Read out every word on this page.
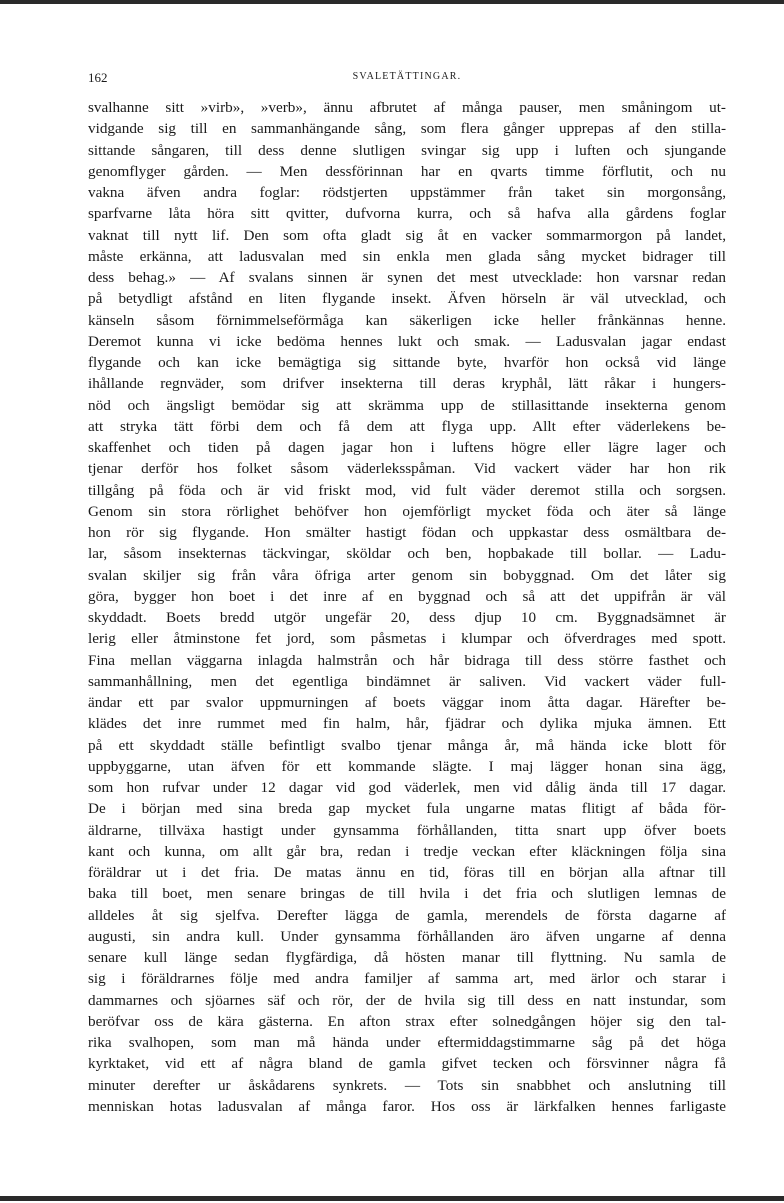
162	SVALETÄTTINGAR.
svalhanne sitt »virb», »verb», ännu afbrutet af många pauser, men småningom ut-
vidgande sig till en sammanhängande sång, som flera gånger upprepas af den stilla-
sittande sångaren, till dess denne slutligen svingar sig upp i luften och sjungande
genomflyger gården. — Men dessförinnan har en qvarts timme förflutit, och nu
vakna äfven andra foglar: rödstjerten uppstämmer från taket sin morgonsång,
sparfvarne låta höra sitt qvitter, dufvorna kurra, och så hafva alla gårdens foglar
vaknat till nytt lif. Den som ofta gladt sig åt en vacker sommarmorgon på landet,
måste erkänna, att ladusvalan med sin enkla men glada sång mycket bidrager till
dess behag.» — Af svalans sinnen är synen det mest utvecklade: hon varsnar redan
på betydligt afstånd en liten flygande insekt. Äfven hörseln är väl utvecklad, och
känseln såsom förnimmelseförmåga kan säkerligen icke heller frånkännas henne.
Deremot kunna vi icke bedöma hennes lukt och smak. — Ladusvalan jagar endast
flygande och kan icke bemägtiga sig sittande byte, hvarför hon också vid länge
ihållande regnväder, som drifver insekterna till deras kryphål, lätt råkar i hungers-
nöd och ängsligt bemödar sig att skrämma upp de stillasittande insekterna genom
att stryka tätt förbi dem och få dem att flyga upp. Allt efter väderlekens be-
skaffenhet och tiden på dagen jagar hon i luftens högre eller lägre lager och
tjenar derför hos folket såsom väderleksspåman. Vid vackert väder har hon rik
tillgång på föda och är vid friskt mod, vid fult väder deremot stilla och sorgsen.
Genom sin stora rörlighet behöfver hon ojemförligt mycket föda och äter så länge
hon rör sig flygande. Hon smälter hastigt födan och uppkastar dess osmältbara de-
lar, såsom insekternas täckvingar, sköldar och ben, hopbakade till bollar. — Ladu-
svalan skiljer sig från våra öfriga arter genom sin bobyggnad. Om det låter sig
göra, bygger hon boet i det inre af en byggnad och så att det uppifrån är väl
skyddadt. Boets bredd utgör ungefär 20, dess djup 10 cm. Byggnadsämnet är
lerig eller åtminstone fet jord, som påsmetas i klumpar och öfverdrages med spott.
Fina mellan väggarna inlagda halmstrån och hår bidraga till dess större fasthet och
sammanhållning, men det egentliga bindämnet är saliven. Vid vackert väder full-
ändar ett par svalor uppmurningen af boets väggar inom åtta dagar. Härefter be-
klädes det inre rummet med fin halm, hår, fjädrar och dylika mjuka ämnen. Ett
på ett skyddadt ställe befintligt svalbo tjenar många år, må hända icke blott för
uppbyggarne, utan äfven för ett kommande slägte. I maj lägger honan sina ägg,
som hon rufvar under 12 dagar vid god väderlek, men vid dålig ända till 17 dagar.
De i början med sina breda gap mycket fula ungarne matas flitigt af båda för-
äldrarne, tillväxa hastigt under gynsamma förhållanden, titta snart upp öfver boets
kant och kunna, om allt går bra, redan i tredje veckan efter kläckningen följa sina
föräldrar ut i det fria. De matas ännu en tid, föras till en början alla aftnar till
baka till boet, men senare bringas de till hvila i det fria och slutligen lemnas de
alldeles åt sig sjelfva. Derefter lägga de gamla, merendels de första dagarne af
augusti, sin andra kull. Under gynsamma förhållanden äro äfven ungarne af denna
senare kull länge sedan flygfärdiga, då hösten manar till flyttning. Nu samla de
sig i föräldrarnes följe med andra familjer af samma art, med ärlor och starar i
dammarnes och sjöarnes säf och rör, der de hvila sig till dess en natt instundar, som
beröfvar oss de kära gästerna. En afton strax efter solnedgången höjer sig den tal-
rika svalhopen, som man må hända under eftermiddagstimmarne såg på det höga
kyrktaket, vid ett af några bland de gamla gifvet tecken och försvinner några få
minuter derefter ur åskådarens synkrets. — Tots sin snabbhet och anslutning till
menniskan hotas ladusvalan af många faror. Hos oss är lärkfalken hennes farligaste
